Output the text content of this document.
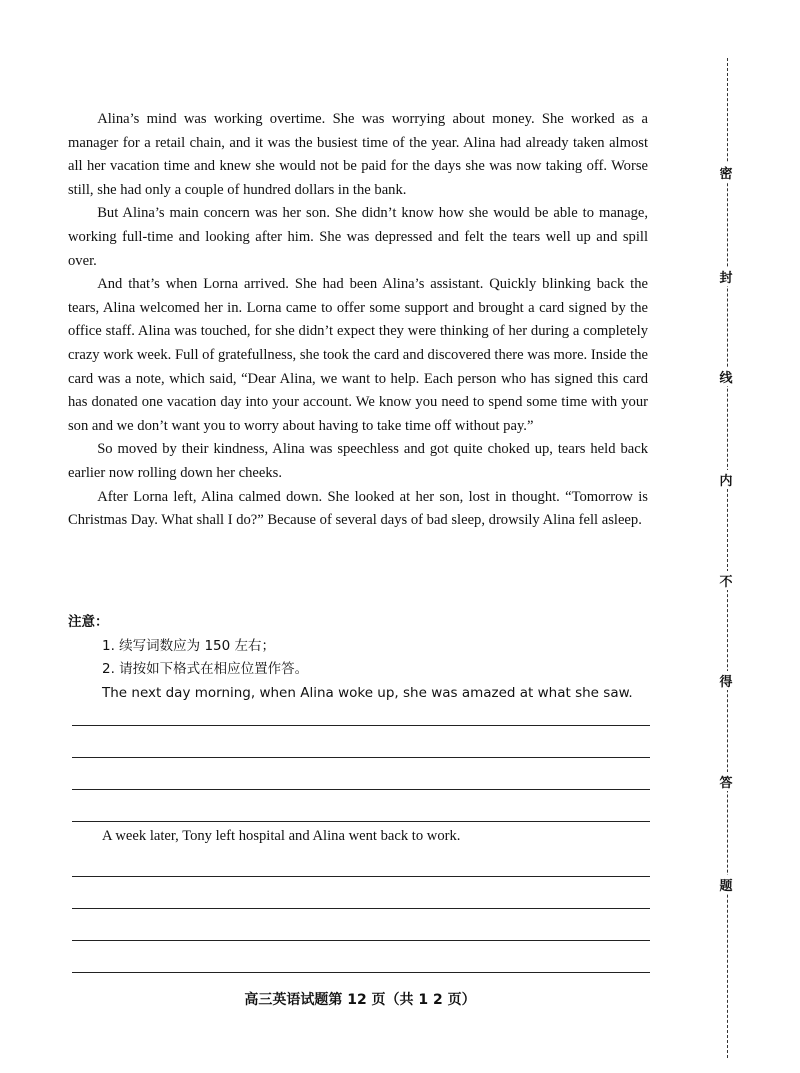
Alina’s mind was working overtime. She was worrying about money. She worked as a manager for a retail chain, and it was the busiest time of the year. Alina had already taken almost all her vacation time and knew she would not be paid for the days she was now taking off. Worse still, she had only a couple of hundred dollars in the bank.

But Alina’s main concern was her son. She didn’t know how she would be able to manage, working full-time and looking after him. She was depressed and felt the tears well up and spill over.

And that’s when Lorna arrived. She had been Alina’s assistant. Quickly blinking back the tears, Alina welcomed her in. Lorna came to offer some support and brought a card signed by the office staff. Alina was touched, for she didn’t expect they were thinking of her during a completely crazy work week. Full of gratefullness, she took the card and discovered there was more. Inside the card was a note, which said, “Dear Alina, we want to help. Each person who has signed this card has donated one vacation day into your account. We know you need to spend some time with your son and we don’t want you to worry about having to take time off without pay.”

So moved by their kindness, Alina was speechless and got quite choked up, tears held back earlier now rolling down her cheeks.

After Lorna left, Alina calmed down. She looked at her son, lost in thought. “Tomorrow is Christmas Day. What shall I do?” Because of several days of bad sleep, drowsily Alina fell asleep.

注意：
1. 续写词数应为 150 左右；
2. 请按如下格式在相应位置作答。
The next day morning, when Alina woke up, she was amazed at what she saw.
A week later, Tony left hospital and Alina went back to work.
高三英语试题第 12 页（共 1 2 页）
密
封
线
内
不
得
答
题
